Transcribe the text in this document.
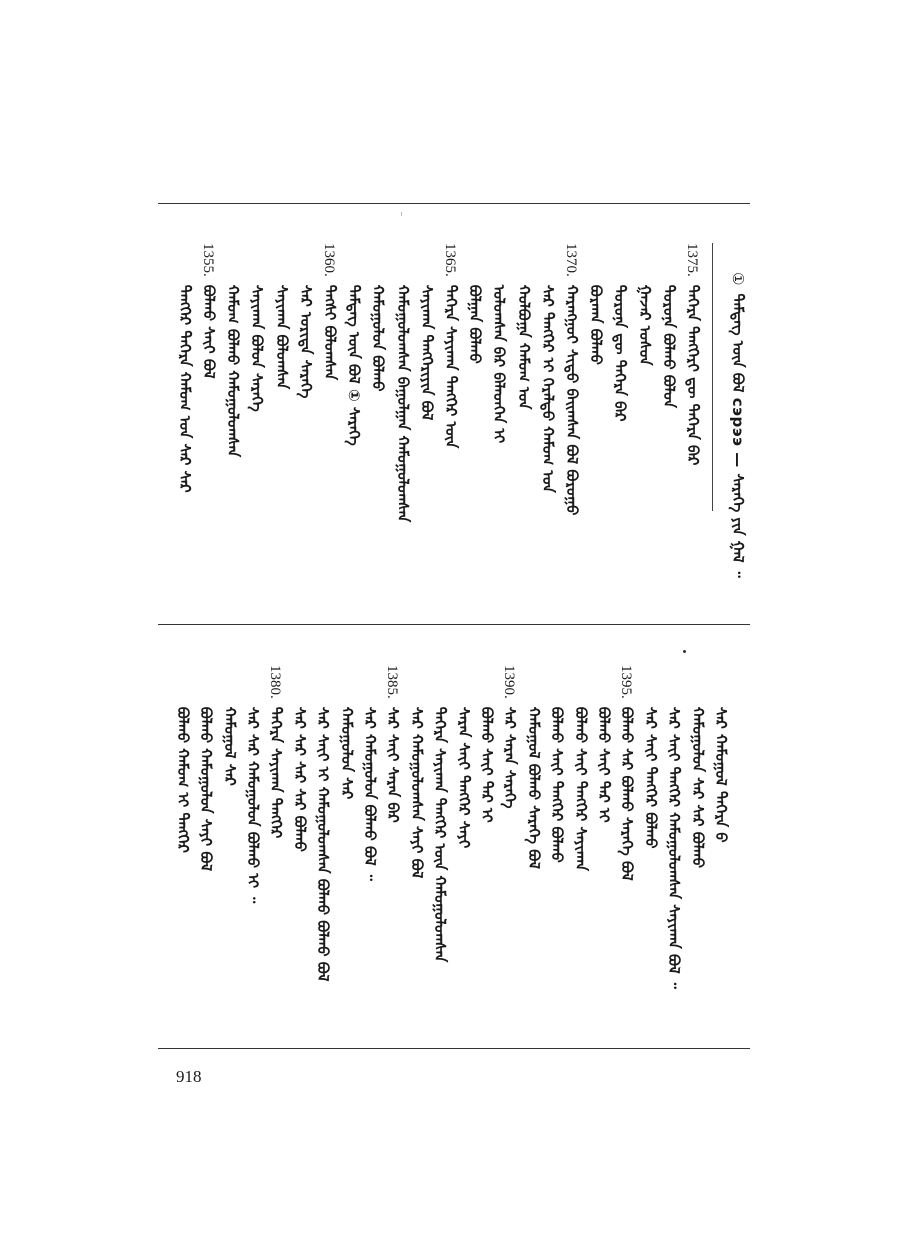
①ᠲᠡᠮᠳᠡᠭ ᠦᠨ ᠪᠣᠯ сэрээ — ᠰᠡᠷᠡᠭᠡ ᠶᠢᠨ ᠭᠠᠯ ᠃
1375.ᠳᠡᠭᠡᠷᠡ ᠲᠡᠩᠭᠡᠷᠢ ᠳᠦ ᠳᠡᠭᠡᠷᠡ ᠪᠡᠷ
ᠳᠣᠷᠤᠨᠠ ᠪᠣᠯᠬᠤ ᠪᠣᠯᠤᠨ
ᠭᠠᠵᠠᠷ ᠤᠰᠤᠨ
ᠳᠣᠷᠤᠨᠠ ᠳᠦ ᠳᠡᠭᠡᠷᠡ ᠪᠡᠷ
ᠪᠣᠷᠬᠠᠨ ᠪᠣᠯᠬᠤ
1370.ᠬᠠᠷᠠᠩᠭᠤᠢ ᠰᠢᠳᠤ ᠪᠠᠢᠭᠰᠠᠨ ᠪᠣᠯ ᠪᠣᠷᠤᠭᠤ
ᠰᠠᠷ ᠲᠡᠩᠭᠡᠷ ᠢ ᠭᠡᠷᠡᠯᠲᠦ ᠬᠠᠮᠤᠭ ᠤᠨ
ᠬᠣᠯᠪᠣᠭᠠ ᠬᠠᠮᠤᠭ ᠤᠨ
ᠤᠯᠤᠭᠰᠠᠨ ᠪᠡᠷ ᠪᠡᠯᠡᠳᠬᠡᠨ ᠢ
ᠪᠣᠯᠭᠠᠨ ᠪᠣᠯᠬᠤ
1365.ᠳᠡᠭᠡᠷᠡ ᠰᠠᠶᠢᠬᠠᠨ ᠲᠡᠩᠭᠡᠷ ᠦᠨ
ᠰᠠᠶᠢᠬᠠᠨ ᠲᠡᠩᠭᠡᠷᠢᠶᠢᠨ ᠪᠣᠯ
ᠬᠠᠮᠤᠭᠤᠯᠤᠭᠰᠠᠨ ᠪᠠᠭᠤᠯᠭᠠᠨ ᠬᠠᠮᠤᠭᠤᠯᠤᠭᠰᠠᠨ
ᠬᠠᠮᠤᠭᠤᠯᠤᠨ ᠪᠣᠯᠬᠤ
ᠲᠡᠮᠳᠡᠭ ᠦᠨ ᠪᠣᠯ ① ᠰᠡᠷᠡᠭᠡ
1360.ᠲᠡᠭᠰᠢ ᠪᠣᠯᠤᠭᠰᠠᠨ
ᠰᠠᠷ ᠤᠷᠢᠳᠠ ᠰᠡᠷᠡᠭᠡ
ᠰᠠᠶᠢᠬᠠᠨ ᠪᠣᠯᠤᠭᠰᠠᠨ
ᠰᠠᠶᠢᠬᠠᠨ ᠪᠣᠯᠤᠨ ᠰᠡᠷᠡᠭᠡ
ᠬᠠᠮᠤᠭ ᠪᠣᠯᠬᠤ ᠬᠠᠮᠤᠭᠤᠯᠤᠭᠰᠠᠨ
1355.ᠪᠣᠯᠬᠤ ᠰᠠᠶ᠋ᠢ ᠪᠣᠯ
ᠲᠡᠩᠭᠡᠷ ᠳᠡᠭᠡᠷᠡ ᠬᠠᠮᠤᠭ ᠤᠨ ᠰᠠᠷ ᠰᠠᠷ
ᠰᠠᠷ ᠬᠠᠮᠤᠭᠤᠯ ᠳᠡᠭᠡᠷᠡ ᠪ
ᠬᠠᠮᠤᠭᠤᠯᠤᠨ ᠰᠠᠷ ᠰᠠᠷ ᠪᠣᠯᠬᠤ
ᠰᠠᠷ ᠰᠠᠶ᠋ᠢ ᠲᠡᠩᠭᠡᠷ ᠬᠠᠮᠤᠭᠤᠯᠤᠭᠰᠠᠨ ᠰᠠᠶᠢᠬᠠᠨ ᠪᠣᠯ ᠃
ᠰᠠᠷ ᠰᠠᠶ᠋ᠢ ᠲᠡᠩᠭᠡᠷ ᠪᠣᠯᠬᠤ
1395.ᠪᠣᠯᠬᠤ ᠰᠠᠷ ᠪᠣᠯᠬᠤ ᠰᠡᠷᠡᠭᠡ ᠪᠣᠯ
ᠪᠣᠯᠬᠤ ᠰᠠᠶ᠋ᠢ ᠲᠡᠷ ᠢ
ᠪᠣᠯᠬᠤ ᠰᠠᠶ᠋ᠢ ᠲᠡᠩᠭᠡᠷ ᠰᠠᠶᠢᠬᠠᠨ
ᠪᠣᠯᠬᠤ ᠰᠠᠶ᠋ᠢ ᠲᠡᠩᠭᠡᠷ ᠪᠣᠯᠬᠤ
ᠬᠠᠮᠤᠭᠤᠯ ᠪᠣᠯᠬᠤ ᠰᠡᠷᠡᠭᠡ ᠪᠣᠯ
1390.ᠰᠠᠷ ᠰᠠᠷᠠᠨ ᠰᠡᠷᠡᠭᠡ
ᠪᠣᠯᠬᠤ ᠰᠠᠶ᠋ᠢ ᠲᠡᠷ ᠢ
ᠰᠠᠷᠠᠨ ᠰᠠᠶ᠋ᠢ ᠲᠡᠩᠭᠡᠷ ᠰᠠᠶᠢ
ᠳᠡᠭᠡᠷᠡ ᠰᠠᠶᠢᠬᠠᠨ ᠲᠡᠩᠭᠡᠷ ᠦᠨ ᠬᠠᠮᠤᠭᠤᠯᠤᠭᠰᠠᠨ
ᠰᠠᠷ ᠬᠠᠮᠤᠭᠤᠯᠤᠭᠰᠠᠨ ᠰᠠᠶᠢ ᠪᠣᠯ
1385.ᠰᠠᠷ ᠰᠠᠶ᠋ᠢ ᠰᠠᠷᠠᠨ ᠪᠡᠷ
ᠰᠠᠷ ᠬᠠᠮᠤᠭᠤᠯᠤᠨ ᠪᠣᠯᠬᠤ ᠪᠣᠯ ᠃
ᠬᠠᠮᠤᠭᠤᠯᠤᠨ ᠰᠠᠷ
ᠰᠠᠷ ᠰᠠᠶ᠋ᠢ ᠢ ᠬᠠᠮᠤᠭᠤᠯᠤᠭᠰᠠᠨ ᠪᠣᠯᠬᠤ ᠪᠣᠯᠬᠤ ᠪᠣᠯ
ᠰᠠᠷ ᠰᠠᠷ ᠰᠠᠷ ᠰᠠᠷ ᠪᠣᠯᠬᠤ
1380.ᠳᠡᠭᠡᠷᠡ ᠰᠠᠶᠢᠬᠠᠨ ᠲᠡᠩᠭᠡᠷ
ᠰᠠᠷ ᠰᠠᠷ ᠬᠠᠮᠤᠭᠤᠯᠤᠨ ᠪᠣᠯᠬᠤ ᠢ ᠃
ᠬᠠᠮᠤᠭᠤᠯ ᠰᠠᠷ
ᠪᠣᠯᠬᠤ ᠬᠠᠮᠤᠭᠤᠯᠤᠨ ᠰᠠᠶᠢ ᠪᠣᠯ
ᠪᠣᠯᠬᠤ ᠬᠠᠮᠤᠭ ᠢ ᠲᠡᠩᠭᠡᠷ
918
